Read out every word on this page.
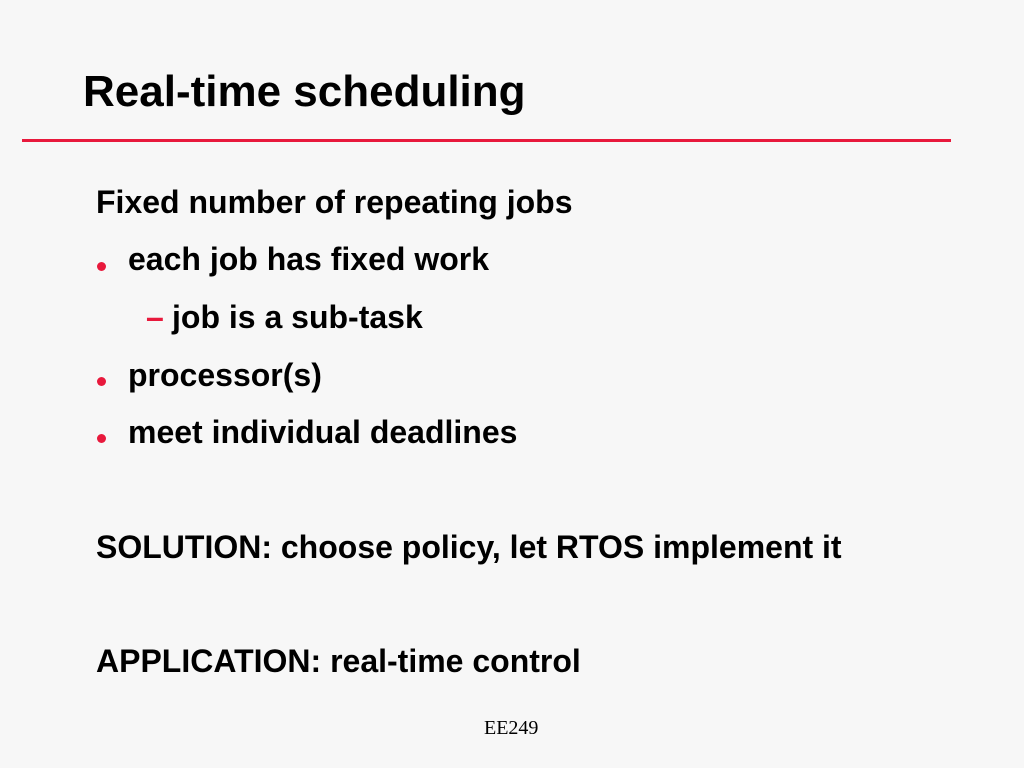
Real-time scheduling
Fixed number of repeating jobs
each job has fixed work
– job is a sub-task
processor(s)
meet individual deadlines
SOLUTION: choose policy, let RTOS implement it
APPLICATION: real-time control
EE249
